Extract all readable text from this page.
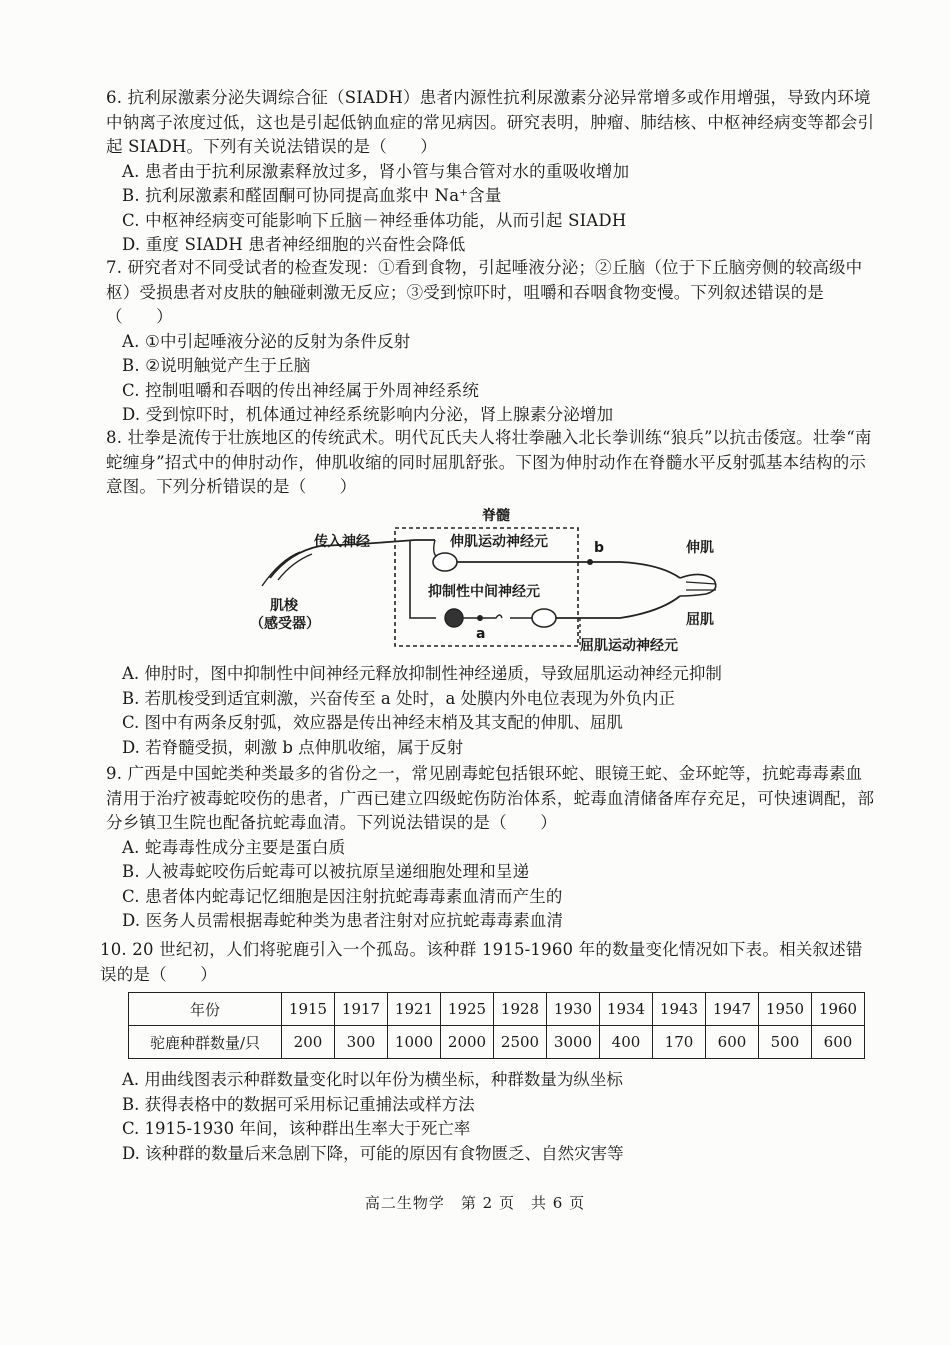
6. 抗利尿激素分泌失调综合征（SIADH）患者内源性抗利尿激素分泌异常增多或作用增强，导致内环境中钠离子浓度过低，这也是引起低钠血症的常见病因。研究表明，肿瘤、肺结核、中枢神经病变等都会引起 SIADH。下列有关说法错误的是（　　）
A. 患者由于抗利尿激素释放过多，肾小管与集合管对水的重吸收增加
B. 抗利尿激素和醛固酮可协同提高血浆中 Na⁺含量
C. 中枢神经病变可能影响下丘脑－神经垂体功能，从而引起 SIADH
D. 重度 SIADH 患者神经细胞的兴奋性会降低
7. 研究者对不同受试者的检查发现：①看到食物，引起唾液分泌；②丘脑（位于下丘脑旁侧的较高级中枢）受损患者对皮肤的触碰刺激无反应；③受到惊吓时，咀嚼和吞咽食物变慢。下列叙述错误的是（　　）
A. ①中引起唾液分泌的反射为条件反射
B. ②说明触觉产生于丘脑
C. 控制咀嚼和吞咽的传出神经属于外周神经系统
D. 受到惊吓时，机体通过神经系统影响内分泌，肾上腺素分泌增加
8. 壮拳是流传于壮族地区的传统武术。明代瓦氏夫人将壮拳融入北长拳训练“狼兵”以抗击倭寇。壮拳“南蛇缠身”招式中的伸肘动作，伸肌收缩的同时屈肌舒张。下图为伸肘动作在脊髓水平反射弧基本结构的示意图。下列分析错误的是（　　）
脊髓
传入神经
肌梭
（感受器）
b
伸肌运动神经元
抑制性中间神经元
a
屈肌运动神经元
伸肌
屈肌
A. 伸肘时，图中抑制性中间神经元释放抑制性神经递质，导致屈肌运动神经元抑制
B. 若肌梭受到适宜刺激，兴奋传至 a 处时，a 处膜内外电位表现为外负内正
C. 图中有两条反射弧，效应器是传出神经末梢及其支配的伸肌、屈肌
D. 若脊髓受损，刺激 b 点伸肌收缩，属于反射
9. 广西是中国蛇类种类最多的省份之一，常见剧毒蛇包括银环蛇、眼镜王蛇、金环蛇等，抗蛇毒毒素血清用于治疗被毒蛇咬伤的患者，广西已建立四级蛇伤防治体系，蛇毒血清储备库存充足，可快速调配，部分乡镇卫生院也配备抗蛇毒血清。下列说法错误的是（　　）
A. 蛇毒毒性成分主要是蛋白质
B. 人被毒蛇咬伤后蛇毒可以被抗原呈递细胞处理和呈递
C. 患者体内蛇毒记忆细胞是因注射抗蛇毒毒素血清而产生的
D. 医务人员需根据毒蛇种类为患者注射对应抗蛇毒毒素血清
10. 20 世纪初，人们将驼鹿引入一个孤岛。该种群 1915-1960 年的数量变化情况如下表。相关叙述错误的是（　　）
年份	1915	1917	1921	1925	1928	1930	1934	1943	1947	1950	1960
驼鹿种群数量/只	200	300	1000	2000	2500	3000	400	170	600	500	600
A. 用曲线图表示种群数量变化时以年份为横坐标，种群数量为纵坐标
B. 获得表格中的数据可采用标记重捕法或样方法
C. 1915-1930 年间，该种群出生率大于死亡率
D. 该种群的数量后来急剧下降，可能的原因有食物匮乏、自然灾害等
高二生物学　第 2 页　共 6 页
